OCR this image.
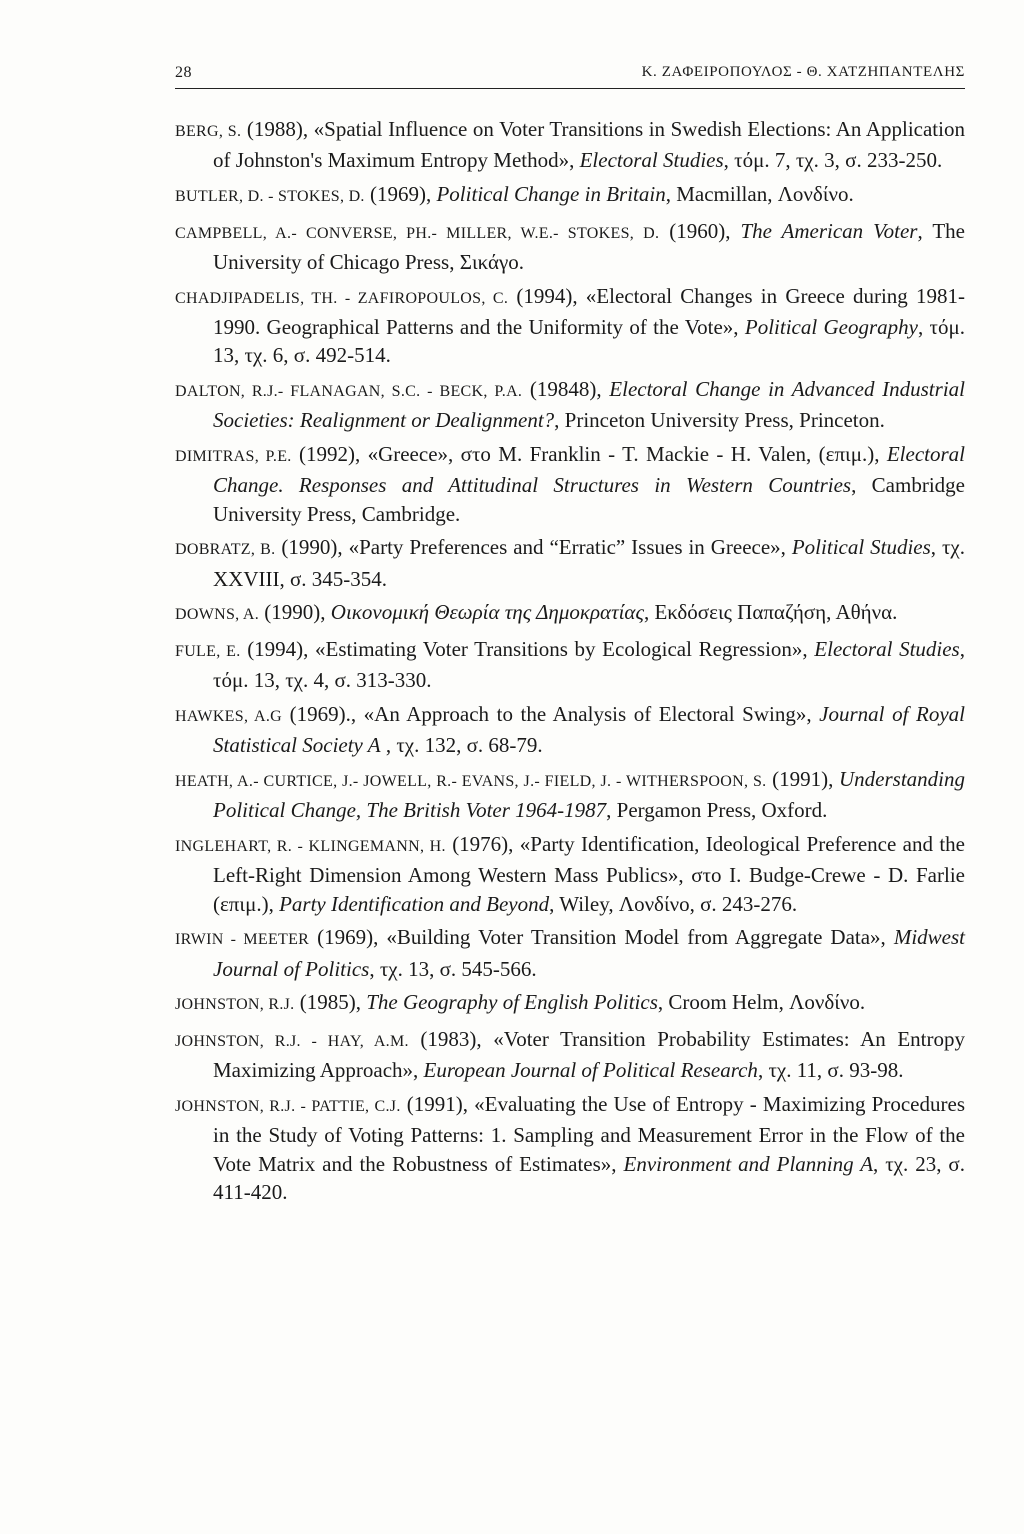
28	Κ. ΖΑΦΕΙΡΟΠΟΥΛΟΣ - Θ. ΧΑΤΖΗΠΑΝΤΕΛΗΣ
BERG, S. (1988), «Spatial Influence on Voter Transitions in Swedish Elections: An Application of Johnston's Maximum Entropy Method», Electoral Studies, τόμ. 7, τχ. 3, σ. 233-250.
BUTLER, D. - STOKES, D. (1969), Political Change in Britain, Macmillan, Λονδίνο.
CAMPBELL, A.- CONVERSE, PH.- MILLER, W.E.- STOKES, D. (1960), The American Voter, The University of Chicago Press, Σικάγο.
CHADJIPADELIS, TH. - ZAFIROPOULOS, C. (1994), «Electoral Changes in Greece during 1981-1990. Geographical Patterns and the Uniformity of the Vote», Political Geography, τόμ. 13, τχ. 6, σ. 492-514.
DALTON, R.J.- FLANAGAN, S.C. - BECK, P.A. (19848), Electoral Change in Advanced Industrial Societies: Realignment or Dealignment?, Princeton University Press, Princeton.
DIMITRAS, P.E. (1992), «Greece», στο Μ. Franklin - T. Mackie - H. Valen, (επιμ.), Electoral Change. Responses and Attitudinal Structures in Western Countries, Cambridge University Press, Cambridge.
DOBRATZ, B. (1990), «Party Preferences and “Erratic” Issues in Greece», Political Studies, τχ. XXVIII, σ. 345-354.
DOWNS, A. (1990), Οικονομική Θεωρία της Δημοκρατίας, Εκδόσεις Παπαζήση, Αθήνα.
FULE, E. (1994), «Estimating Voter Transitions by Ecological Regression», Electoral Studies, τόμ. 13, τχ. 4, σ. 313-330.
HAWKES, A.G (1969)., «An Approach to the Analysis of Electoral Swing», Journal of Royal Statistical Society A , τχ. 132, σ. 68-79.
HEATH, A.- CURTICE, J.- JOWELL, R.- EVANS, J.- FIELD, J. - WITHERSPOON, S. (1991), Understanding Political Change, The British Voter 1964-1987, Pergamon Press, Oxford.
INGLEHART, R. - KLINGEMANN, H. (1976), «Party Identification, Ideological Preference and the Left-Right Dimension Among Western Mass Publics», στο I. Budge-Crewe - D. Farlie (επιμ.), Party Identification and Beyond, Wiley, Λονδίνο, σ. 243-276.
IRWIN - MEETER (1969), «Building Voter Transition Model from Aggregate Data», Midwest Journal of Politics, τχ. 13, σ. 545-566.
JOHNSTON, R.J. (1985), The Geography of English Politics, Croom Helm, Λονδίνο.
JOHNSTON, R.J. - HAY, A.M. (1983), «Voter Transition Probability Estimates: An Entropy Maximizing Approach», European Journal of Political Research, τχ. 11, σ. 93-98.
JOHNSTON, R.J. - PATTIE, C.J. (1991), «Evaluating the Use of Entropy - Maximizing Procedures in the Study of Voting Patterns: 1. Sampling and Measurement Error in the Flow of the Vote Matrix and the Robustness of Estimates», Environment and Planning A, τχ. 23, σ. 411-420.
